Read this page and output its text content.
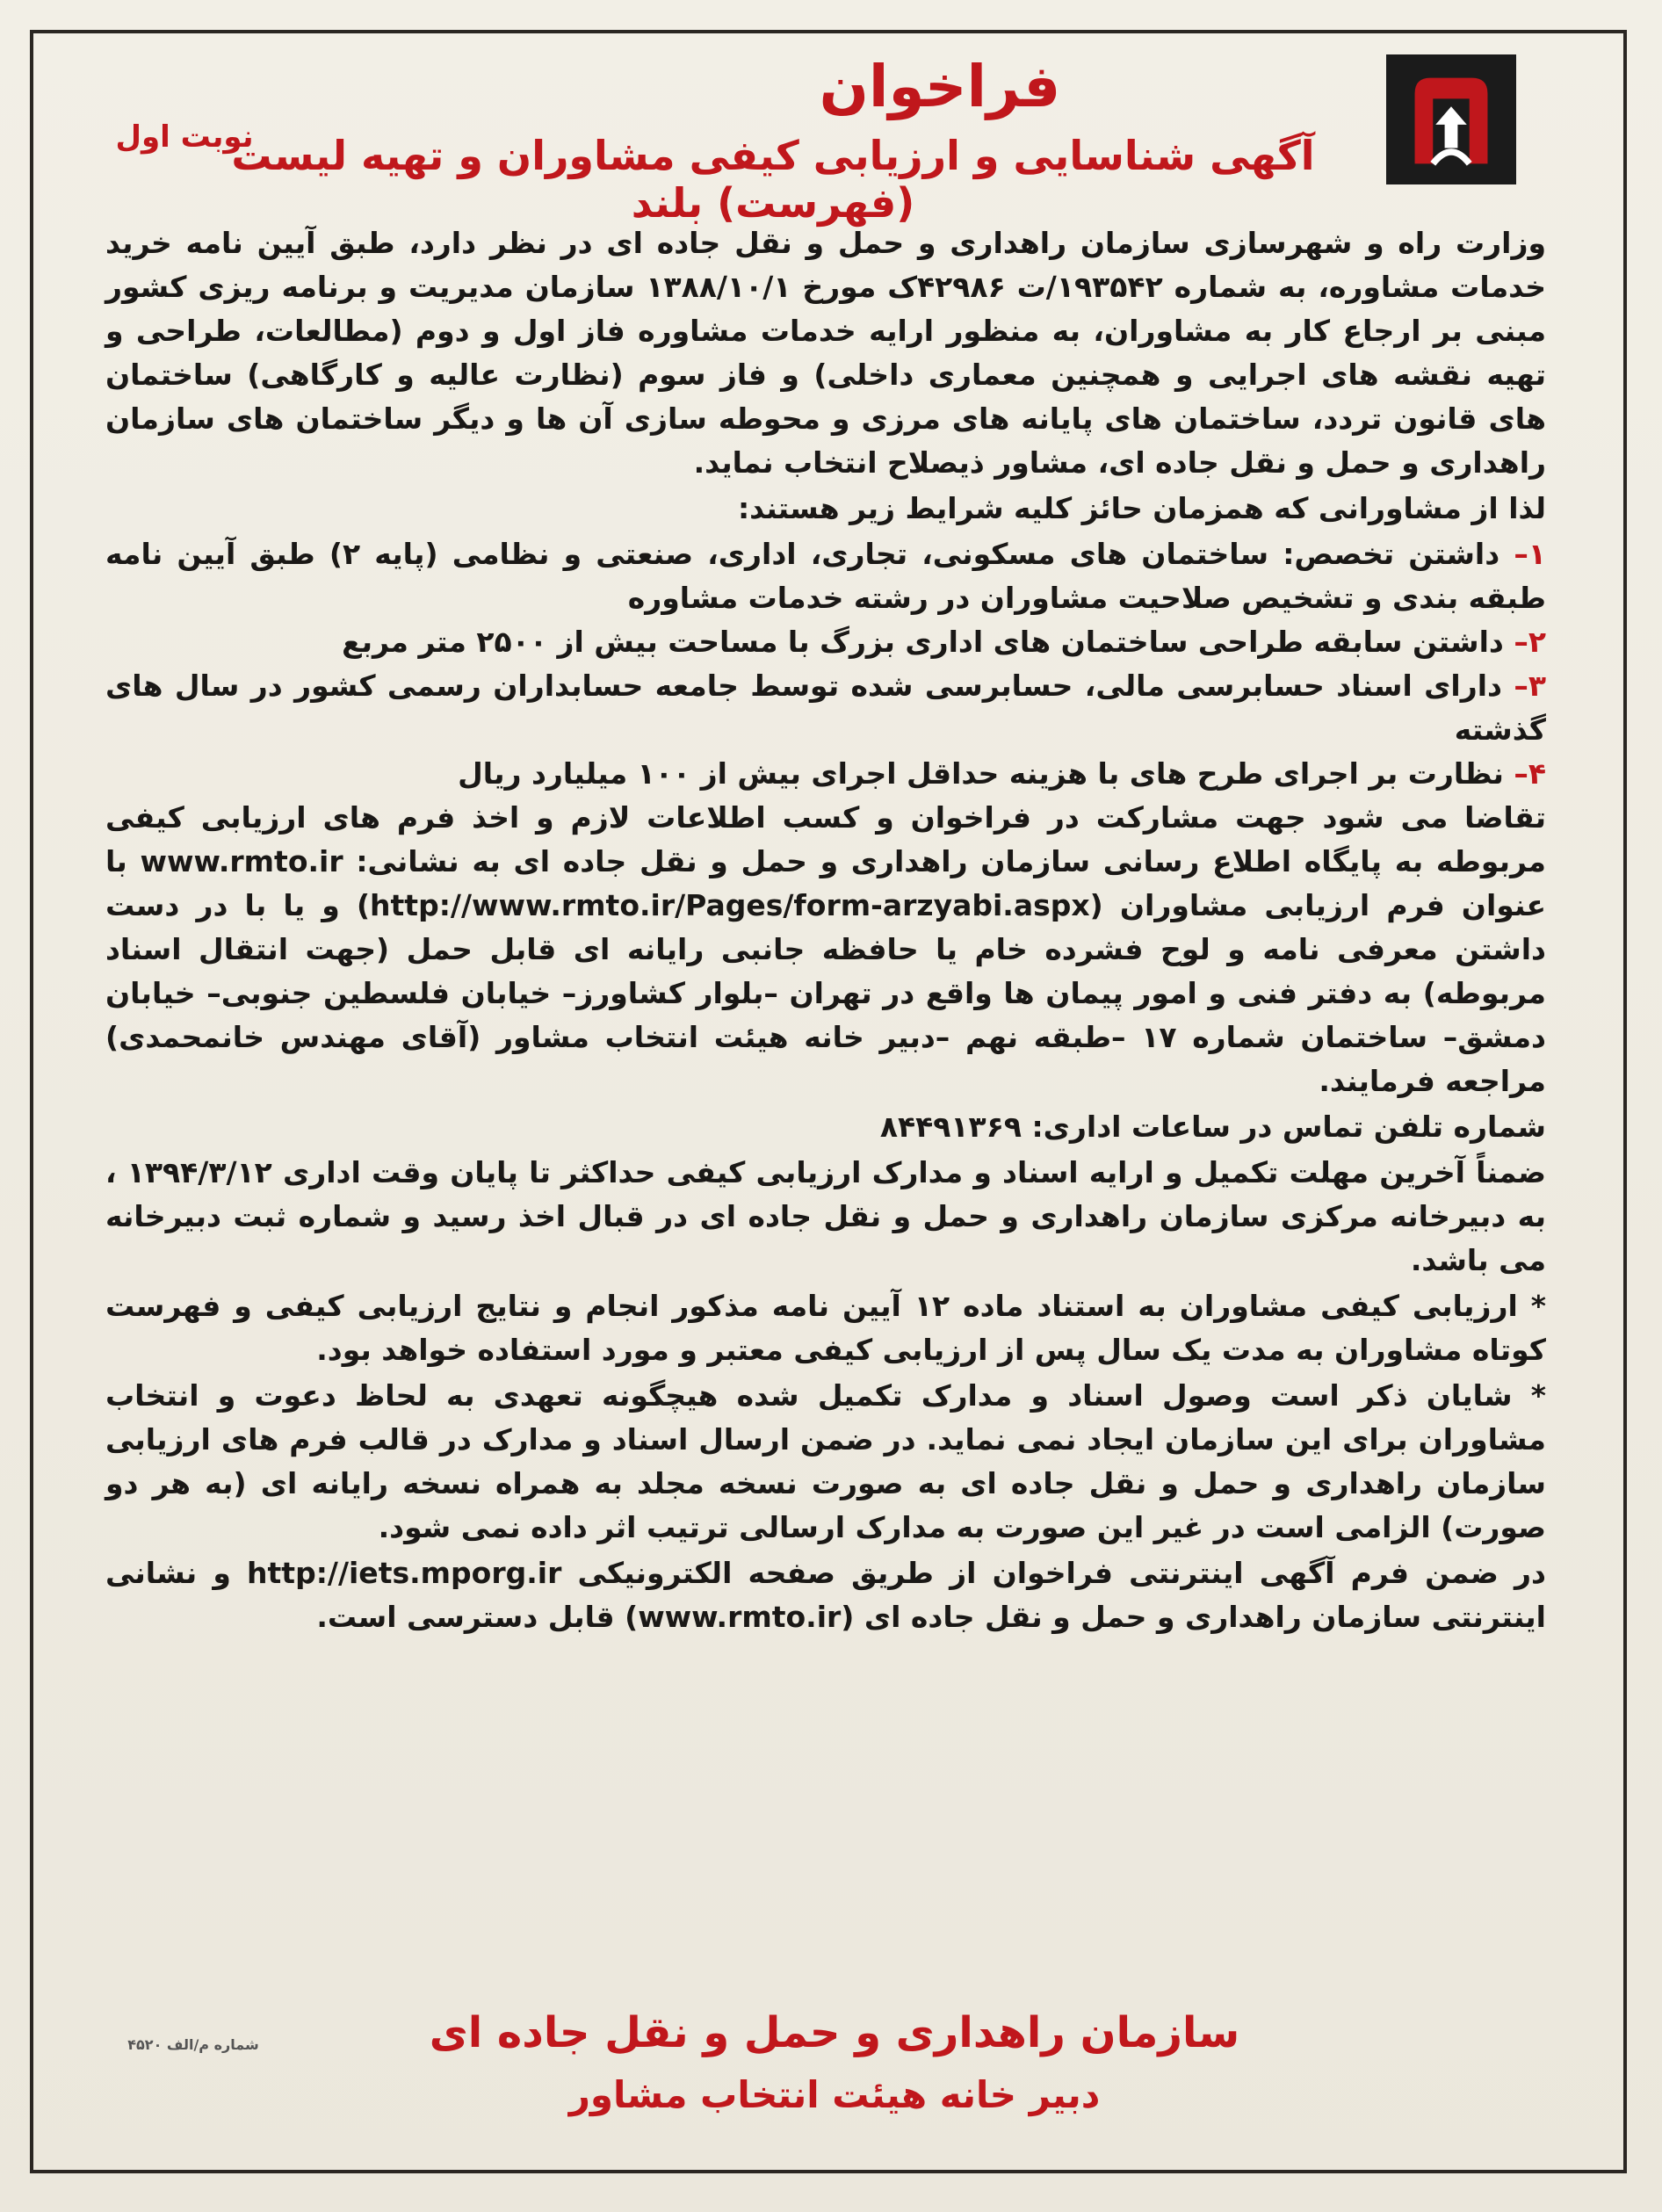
نوبت اول
فراخوان
آگهی شناسایی و ارزیابی کیفی مشاوران و تهیه لیست (فهرست) بلند

وزارت راه و شهرسازی سازمان راهداری و حمل و نقل جاده ای در نظر دارد، طبق آیین نامه خرید خدمات مشاوره، به شماره ۱۹۳۵۴۲/ت ۴۲۹۸۶ک مورخ ۱۳۸۸/۱۰/۱ سازمان مدیریت و برنامه ریزی کشور مبنی بر ارجاع کار به مشاوران، به منظور ارایه خدمات مشاوره فاز اول و دوم (مطالعات، طراحی و تهیه نقشه های اجرایی و همچنین معماری داخلی) و فاز سوم (نظارت عالیه و کارگاهی) ساختمان های قانون تردد، ساختمان های پایانه های مرزی و محوطه سازی آن ها و دیگر ساختمان های سازمان راهداری و حمل و نقل جاده ای، مشاور ذیصلاح انتخاب نماید.

لذا از مشاورانی که همزمان حائز کلیه شرایط زیر هستند:

۱– داشتن تخصص: ساختمان های مسکونی، تجاری، اداری، صنعتی و نظامی (پایه ۲) طبق آیین نامه طبقه بندی و تشخیص صلاحیت مشاوران در رشته خدمات مشاوره

۲– داشتن سابقه طراحی ساختمان های اداری بزرگ با مساحت بیش از ۲۵۰۰ متر مربع

۳– دارای اسناد حسابرسی مالی، حسابرسی شده توسط جامعه حسابداران رسمی کشور در سال های گذشته

۴– نظارت بر اجرای طرح های با هزینه حداقل اجرای بیش از ۱۰۰ میلیارد ریال

تقاضا می شود جهت مشارکت در فراخوان و کسب اطلاعات لازم و اخذ فرم های ارزیابی کیفی مربوطه به پایگاه اطلاع رسانی سازمان راهداری و حمل و نقل جاده ای به نشانی: www.rmto.ir با عنوان فرم ارزیابی مشاوران (http://www.rmto.ir/Pages/form-arzyabi.aspx) و یا با در دست داشتن معرفی نامه و لوح فشرده خام یا حافظه جانبی رایانه ای قابل حمل (جهت انتقال اسناد مربوطه) به دفتر فنی و امور پیمان ها واقع در تهران –بلوار کشاورز– خیابان فلسطین جنوبی– خیابان دمشق– ساختمان شماره ۱۷ –طبقه نهم –دبیر خانه هیئت انتخاب مشاور (آقای مهندس خانمحمدی) مراجعه فرمایند.

شماره تلفن تماس در ساعات اداری: ۸۴۴۹۱۳۶۹

ضمناً آخرین مهلت تکمیل و ارایه اسناد و مدارک ارزیابی کیفی حداکثر تا پایان وقت اداری ۱۳۹۴/۳/۱۲ ، به دبیرخانه مرکزی سازمان راهداری و حمل و نقل جاده ای در قبال اخذ رسید و شماره ثبت دبیرخانه می باشد.

* ارزیابی کیفی مشاوران به استناد ماده ۱۲ آیین نامه مذکور انجام و نتایج ارزیابی کیفی و فهرست کوتاه مشاوران به مدت یک سال پس از ارزیابی کیفی معتبر و مورد استفاده خواهد بود.

* شایان ذکر است وصول اسناد و مدارک تکمیل شده هیچگونه تعهدی به لحاظ دعوت و انتخاب مشاوران برای این سازمان ایجاد نمی نماید. در ضمن ارسال اسناد و مدارک در قالب فرم های ارزیابی سازمان راهداری و حمل و نقل جاده ای به صورت نسخه مجلد به همراه نسخه رایانه ای (به هر دو صورت) الزامی است در غیر این صورت به مدارک ارسالی ترتیب اثر داده نمی شود.

در ضمن فرم آگهی اینترنتی فراخوان از طریق صفحه الکترونیکی http://iets.mporg.ir و نشانی اینترنتی سازمان راهداری و حمل و نقل جاده ای (www.rmto.ir) قابل دسترسی است.

شماره م/الف ۴۵۲۰	سازمان راهداری و حمل و نقل جاده ای
دبیر خانه هیئت انتخاب مشاور
